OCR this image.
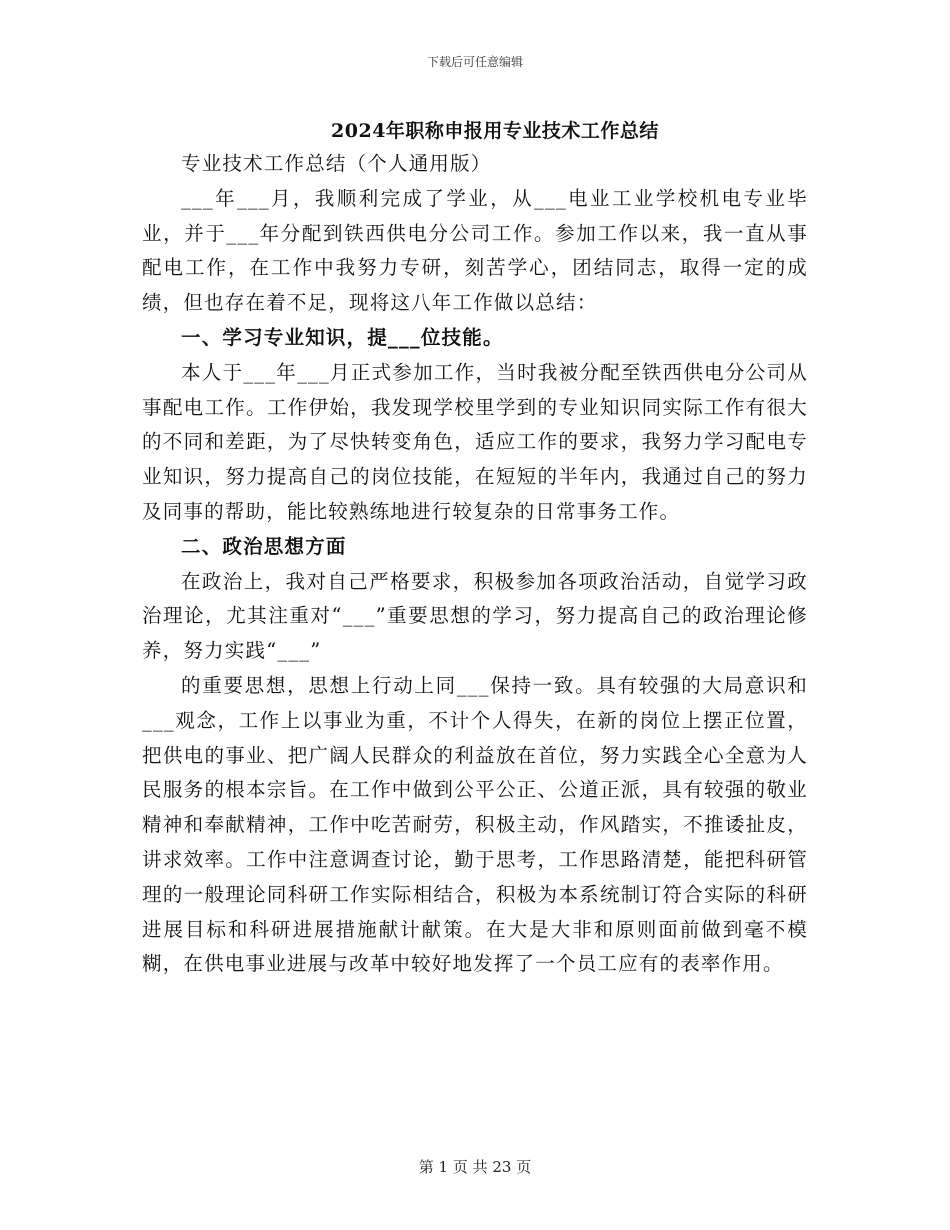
下载后可任意编辑
2024年职称申报用专业技术工作总结

专业技术工作总结（个人通用版）

___年___月，我顺利完成了学业，从___电业工业学校机电专业毕业，并于___年分配到铁西供电分公司工作。参加工作以来，我一直从事配电工作，在工作中我努力专研，刻苦学心，团结同志，取得一定的成绩，但也存在着不足，现将这八年工作做以总结：

一、学习专业知识，提___位技能。

本人于___年___月正式参加工作，当时我被分配至铁西供电分公司从事配电工作。工作伊始，我发现学校里学到的专业知识同实际工作有很大的不同和差距，为了尽快转变角色，适应工作的要求，我努力学习配电专业知识，努力提高自己的岗位技能，在短短的半年内，我通过自己的努力及同事的帮助，能比较熟练地进行较复杂的日常事务工作。

二、政治思想方面

在政治上，我对自己严格要求，积极参加各项政治活动，自觉学习政治理论，尤其注重对“___”重要思想的学习，努力提高自己的政治理论修养，努力实践“___”

的重要思想，思想上行动上同___保持一致。具有较强的大局意识和___观念，工作上以事业为重，不计个人得失，在新的岗位上摆正位置，把供电的事业、把广阔人民群众的利益放在首位，努力实践全心全意为人民服务的根本宗旨。在工作中做到公平公正、公道正派，具有较强的敬业精神和奉献精神，工作中吃苦耐劳，积极主动，作风踏实，不推诿扯皮，讲求效率。工作中注意调查讨论，勤于思考，工作思路清楚，能把科研管理的一般理论同科研工作实际相结合，积极为本系统制订符合实际的科研进展目标和科研进展措施献计献策。在大是大非和原则面前做到毫不模糊，在供电事业进展与改革中较好地发挥了一个员工应有的表率作用。

第 1 页 共 23 页
